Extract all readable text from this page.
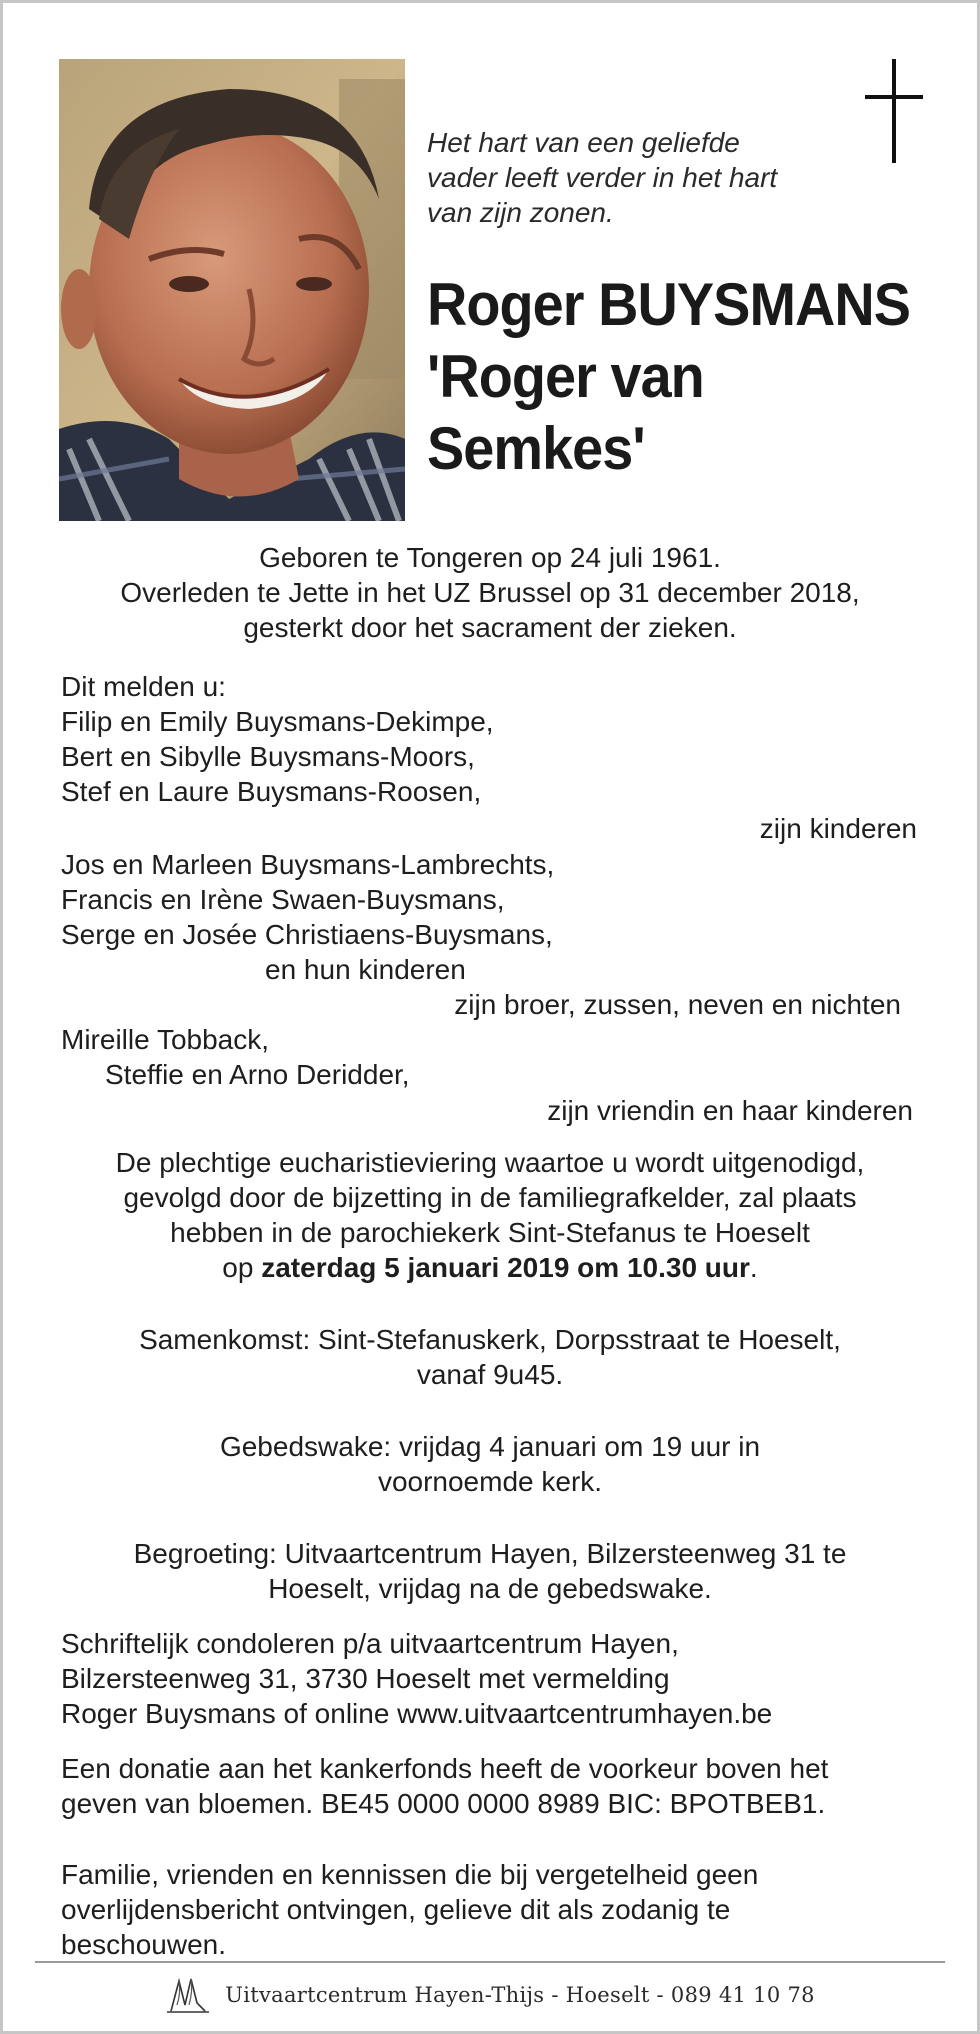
Het hart van een geliefde
vader leeft verder in het hart
van zijn zonen.
Roger BUYSMANS
'Roger van
Semkes'
Geboren te Tongeren op 24 juli 1961.
Overleden te Jette in het UZ Brussel op 31 december 2018,
gesterkt door het sacrament der zieken.
Dit melden u:
Filip en Emily Buysmans-Dekimpe,
Bert en Sibylle Buysmans-Moors,
Stef en Laure Buysmans-Roosen,
zijn kinderen
Jos en Marleen Buysmans-Lambrechts,
Francis en Irène Swaen-Buysmans,
Serge en Josée Christiaens-Buysmans,
en hun kinderen
zijn broer, zussen, neven en nichten
Mireille Tobback,
Steffie en Arno Deridder,
zijn vriendin en haar kinderen
De plechtige eucharistieviering waartoe u wordt uitgenodigd,
gevolgd door de bijzetting in de familiegrafkelder, zal plaats
hebben in de parochiekerk Sint-Stefanus te Hoeselt
op zaterdag 5 januari 2019 om 10.30 uur.
Samenkomst: Sint-Stefanuskerk, Dorpsstraat te Hoeselt,
vanaf 9u45.
Gebedswake: vrijdag 4 januari om 19 uur in
voornoemde kerk.
Begroeting: Uitvaartcentrum Hayen, Bilzersteenweg 31 te
Hoeselt, vrijdag na de gebedswake.
Schriftelijk condoleren p/a uitvaartcentrum Hayen,
Bilzersteenweg 31, 3730 Hoeselt met vermelding
Roger Buysmans of online www.uitvaartcentrumhayen.be
Een donatie aan het kankerfonds heeft de voorkeur boven het
geven van bloemen. BE45 0000 0000 8989 BIC: BPOTBEB1.
Familie, vrienden en kennissen die bij vergetelheid geen
overlijdensbericht ontvingen, gelieve dit als zodanig te
beschouwen.
Uitvaartcentrum Hayen-Thijs - Hoeselt - 089 41 10 78
